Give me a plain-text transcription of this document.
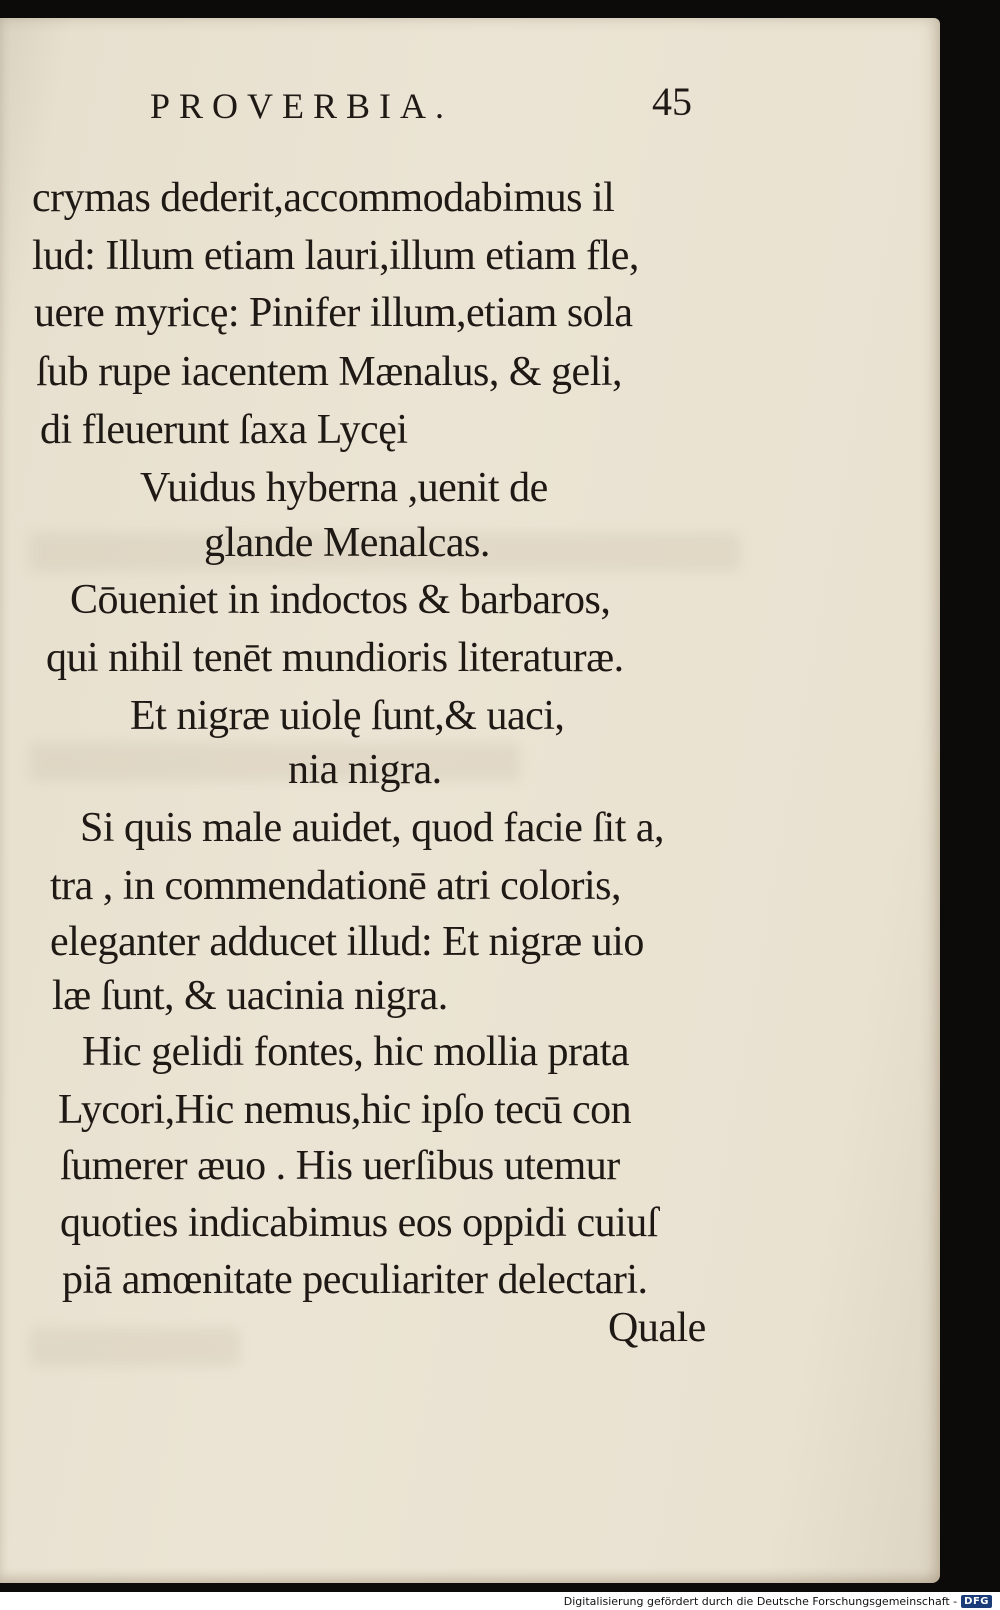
PROVERBIA.	45
crymas dederit,accommodabimus il
lud: Illum etiam lauri,illum etiam fle,
uere myricę: Pinifer illum,etiam sola
ſub rupe iacentem Mænalus, & geli,
di fleuerunt ſaxa Lycęi
Vuidus hyberna ,uenit de
glande Menalcas.
Cōueniet in indoctos & barbaros,
qui nihil tenēt mundioris literaturæ.
Et nigræ uiolę ſunt,& uaci,
nia nigra.
Si quis male auidet, quod facie ſit a,
tra , in commendationē atri coloris,
eleganter adducet illud: Et nigræ uio
læ ſunt, & uacinia nigra.
Hic gelidi fontes, hic mollia prata
Lycori,Hic nemus,hic ipſo tecū con
ſumerer æuo . His uerſibus utemur
quoties indicabimus eos oppidi cuiuſ
piā amœnitate peculiariter delectari.
Quale
Digitalisierung gefördert durch die Deutsche Forschungsgemeinschaft - DFG
